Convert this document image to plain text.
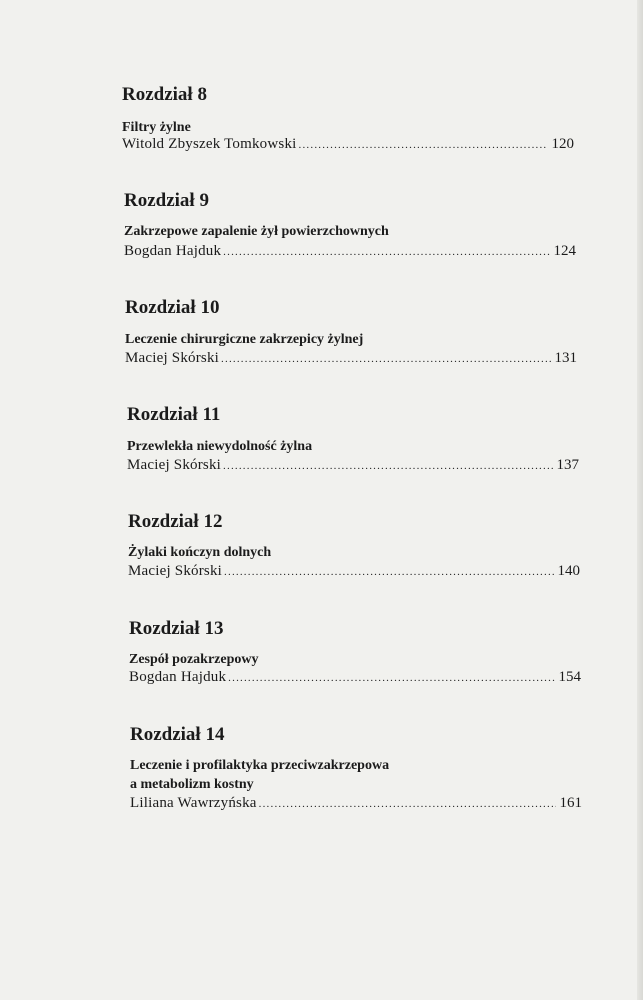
Rozdział 8
Filtry żylne
Witold Zbyszek Tomkowski .....	120
Rozdział 9
Zakrzepowe zapalenie żył powierzchownych
Bogdan Hajduk .....	124
Rozdział 10
Leczenie chirurgiczne zakrzepicy żylnej
Maciej Skórski .....	131
Rozdział 11
Przewlekła niewydolność żylna
Maciej Skórski .....	137
Rozdział 12
Żylaki kończyn dolnych
Maciej Skórski .....	140
Rozdział 13
Zespół pozakrzepowy
Bogdan Hajduk .....	154
Rozdział 14
Leczenie i profilaktyka przeciwzakrzepowa
a metabolizm kostny
Liliana Wawrzyńska .....	161
